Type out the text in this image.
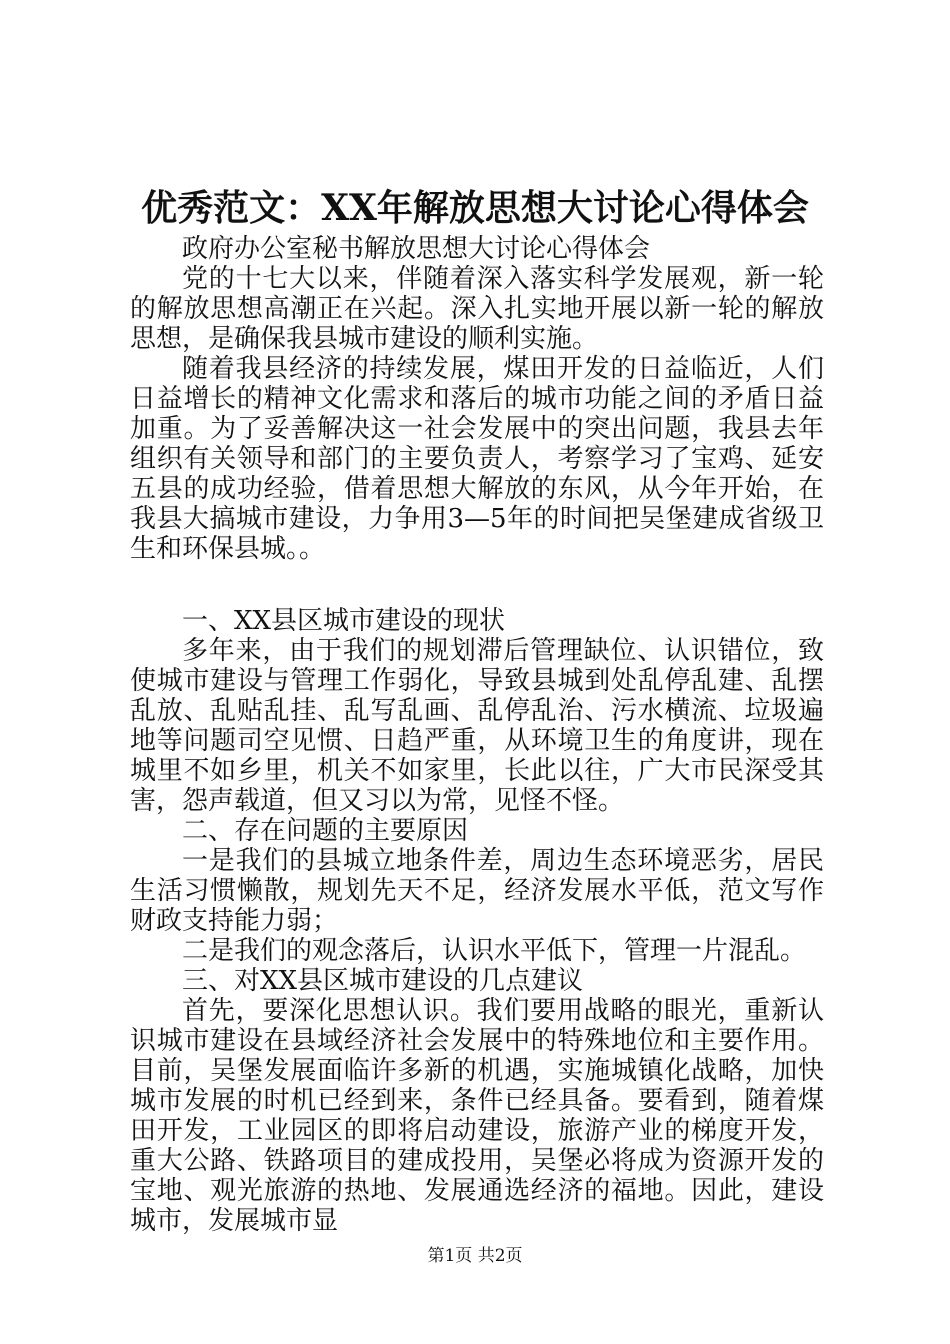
优秀范文：XX年解放思想大讨论心得体会

政府办公室秘书解放思想大讨论心得体会

党的十七大以来，伴随着深入落实科学发展观，新一轮的解放思想高潮正在兴起。深入扎实地开展以新一轮的解放思想，是确保我县城市建设的顺利实施。

随着我县经济的持续发展，煤田开发的日益临近，人们日益增长的精神文化需求和落后的城市功能之间的矛盾日益加重。为了妥善解决这一社会发展中的突出问题，我县去年组织有关领导和部门的主要负责人，考察学习了宝鸡、延安五县的成功经验，借着思想大解放的东风，从今年开始，在我县大搞城市建设，力争用3—5年的时间把吴堡建成省级卫生和环保县城。。

一、XX县区城市建设的现状

多年来，由于我们的规划滞后管理缺位、认识错位，致使城市建设与管理工作弱化，导致县城到处乱停乱建、乱摆乱放、乱贴乱挂、乱写乱画、乱停乱治、污水横流、垃圾遍地等问题司空见惯、日趋严重，从环境卫生的角度讲，现在城里不如乡里，机关不如家里，长此以往，广大市民深受其害，怨声载道，但又习以为常，见怪不怪。

二、存在问题的主要原因

一是我们的县城立地条件差，周边生态环境恶劣，居民生活习惯懒散，规划先天不足，经济发展水平低，范文写作财政支持能力弱；

二是我们的观念落后，认识水平低下，管理一片混乱。

三、对XX县区城市建设的几点建议

首先，要深化思想认识。我们要用战略的眼光，重新认识城市建设在县域经济社会发展中的特殊地位和主要作用。目前，吴堡发展面临许多新的机遇，实施城镇化战略，加快城市发展的时机已经到来，条件已经具备。要看到，随着煤田开发，工业园区的即将启动建设，旅游产业的梯度开发，重大公路、铁路项目的建成投用，吴堡必将成为资源开发的宝地、观光旅游的热地、发展通选经济的福地。因此，建设城市，发展城市显

第1页 共2页
